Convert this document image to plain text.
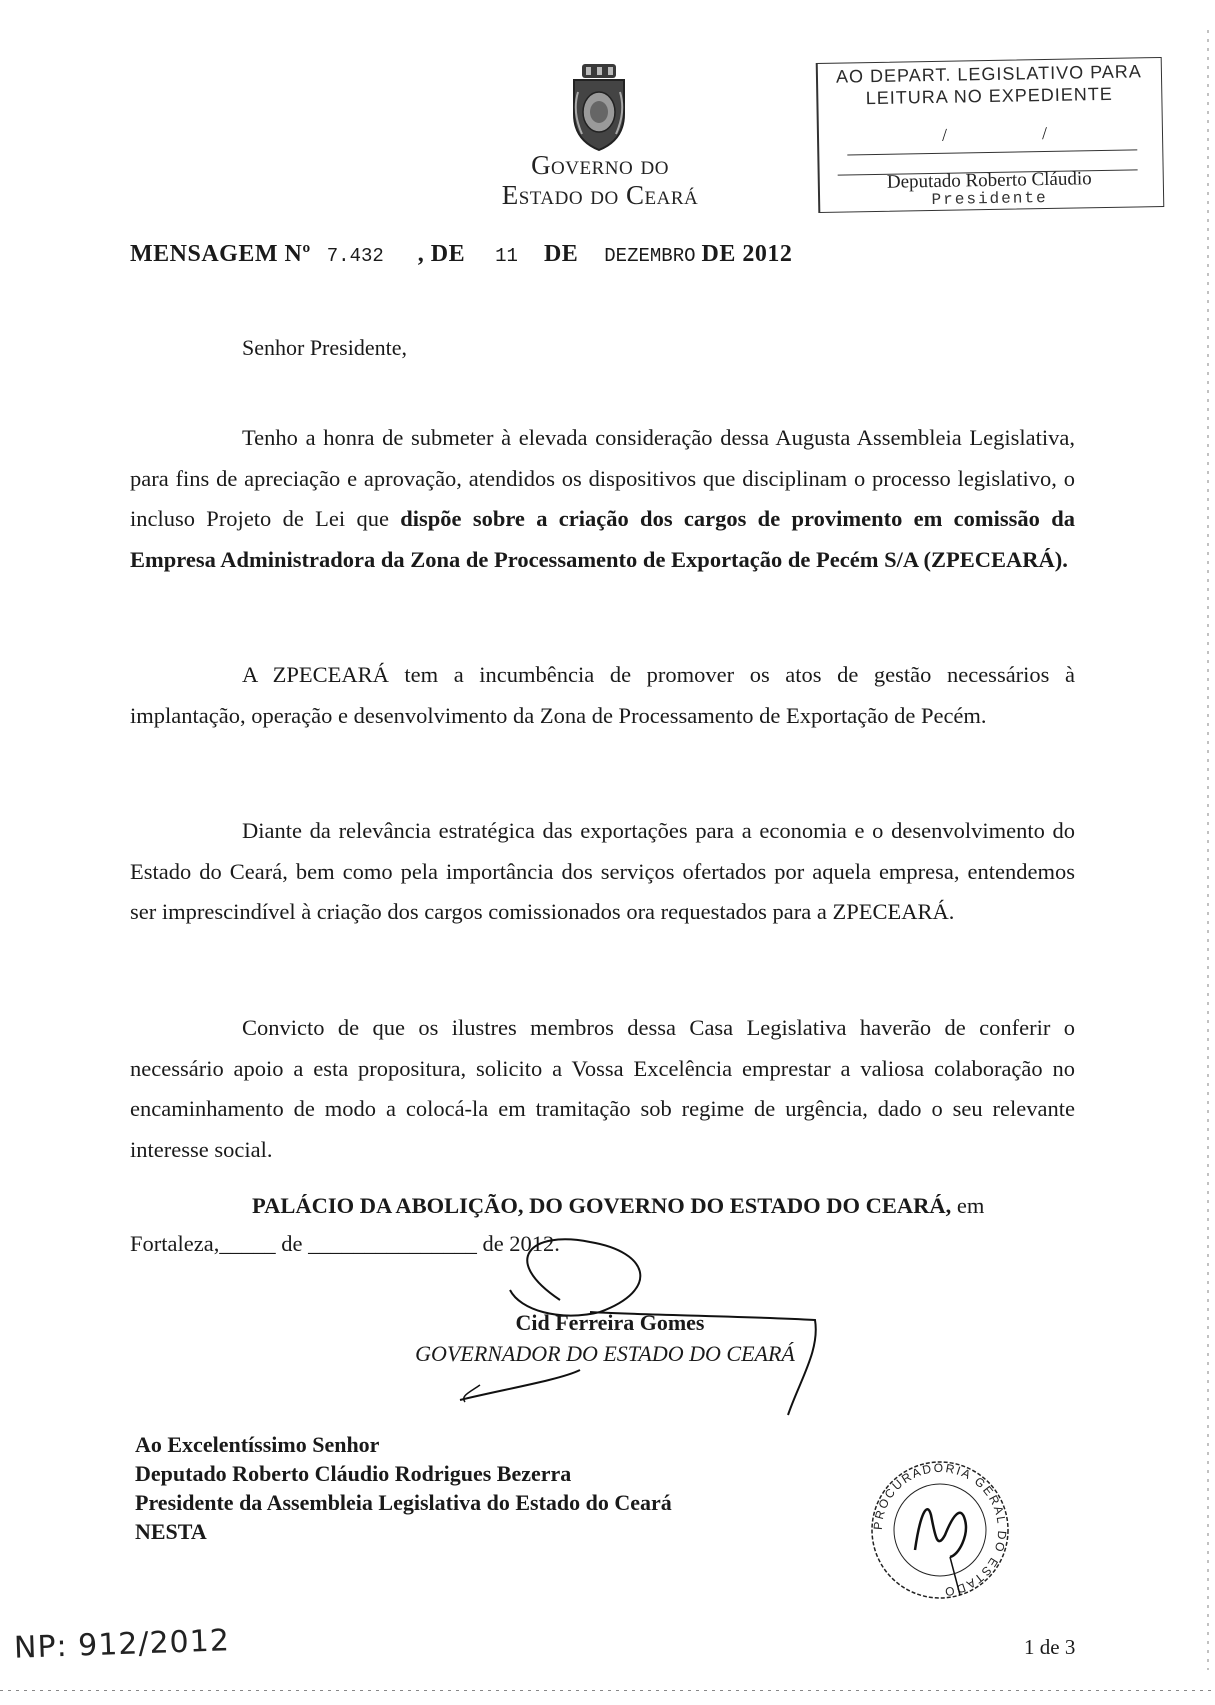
Governo do
Estado do Ceará
AO DEPART. LEGISLATIVO PARA
LEITURA NO EXPEDIENTE
/	/
Deputado Roberto Cláudio
Presidente
MENSAGEM Nº 7.432 , DE 11 DE DEZEMBRO DE 2012
Senhor Presidente,

Tenho a honra de submeter à elevada consideração dessa Augusta Assembleia Legislativa, para fins de apreciação e aprovação, atendidos os dispositivos que disciplinam o processo legislativo, o incluso Projeto de Lei que dispõe sobre a criação dos cargos de provimento em comissão da Empresa Administradora da Zona de Processamento de Exportação de Pecém S/A (ZPECEARÁ).

A ZPECEARÁ tem a incumbência de promover os atos de gestão necessários à implantação, operação e desenvolvimento da Zona de Processamento de Exportação de Pecém.

Diante da relevância estratégica das exportações para a economia e o desenvolvimento do Estado do Ceará, bem como pela importância dos serviços ofertados por aquela empresa, entendemos ser imprescindível à criação dos cargos comissionados ora requestados para a ZPECEARÁ.

Convicto de que os ilustres membros dessa Casa Legislativa haverão de conferir o necessário apoio a esta propositura, solicito a Vossa Excelência emprestar a valiosa colaboração no encaminhamento de modo a colocá-la em tramitação sob regime de urgência, dado o seu relevante interesse social.

PALÁCIO DA ABOLIÇÃO, DO GOVERNO DO ESTADO DO CEARÁ, em
Fortaleza,_____ de _______________ de 2012.

Cid Ferreira Gomes
GOVERNADOR DO ESTADO DO CEARÁ
Ao Excelentíssimo Senhor
Deputado Roberto Cláudio Rodrigues Bezerra
Presidente da Assembleia Legislativa do Estado do Ceará
NESTA	PROCURADORIA GERAL DO ESTADO
NP: 912/2012	1 de 3
